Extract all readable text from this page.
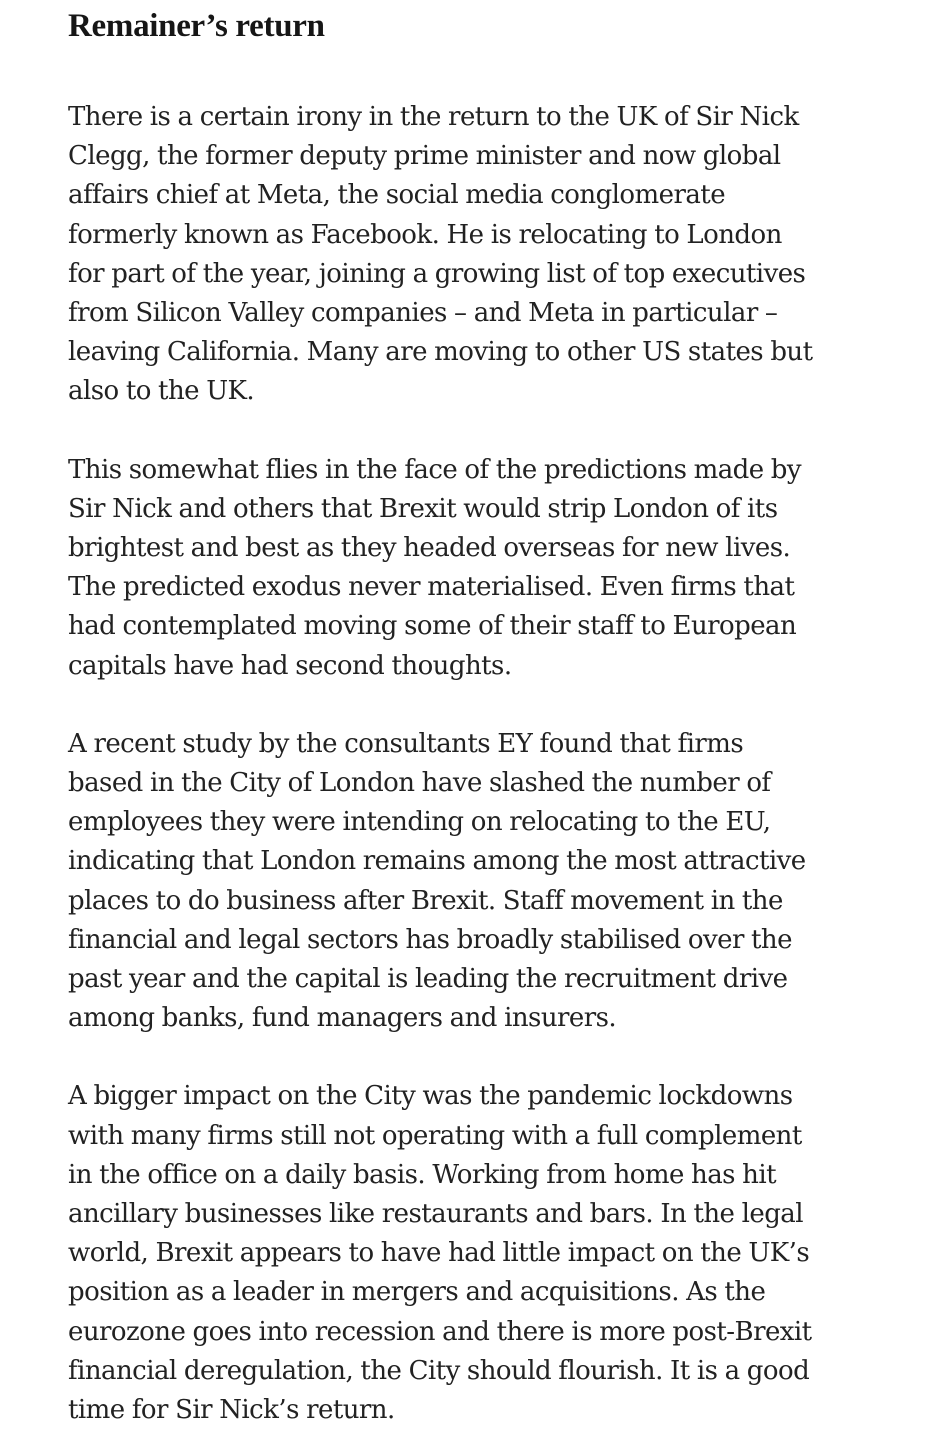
Remainer’s return

There is a certain irony in the return to the UK of Sir Nick
Clegg, the former deputy prime minister and now global
affairs chief at Meta, the social media conglomerate
formerly known as Facebook. He is relocating to London
for part of the year, joining a growing list of top executives
from Silicon Valley companies – and Meta in particular –
leaving California. Many are moving to other US states but
also to the UK.

This somewhat flies in the face of the predictions made by
Sir Nick and others that Brexit would strip London of its
brightest and best as they headed overseas for new lives.
The predicted exodus never materialised. Even firms that
had contemplated moving some of their staff to European
capitals have had second thoughts.

A recent study by the consultants EY found that firms
based in the City of London have slashed the number of
employees they were intending on relocating to the EU,
indicating that London remains among the most attractive
places to do business after Brexit. Staff movement in the
financial and legal sectors has broadly stabilised over the
past year and the capital is leading the recruitment drive
among banks, fund managers and insurers.

A bigger impact on the City was the pandemic lockdowns
with many firms still not operating with a full complement
in the office on a daily basis. Working from home has hit
ancillary businesses like restaurants and bars. In the legal
world, Brexit appears to have had little impact on the UK’s
position as a leader in mergers and acquisitions. As the
eurozone goes into recession and there is more post-Brexit
financial deregulation, the City should flourish. It is a good
time for Sir Nick’s return.
